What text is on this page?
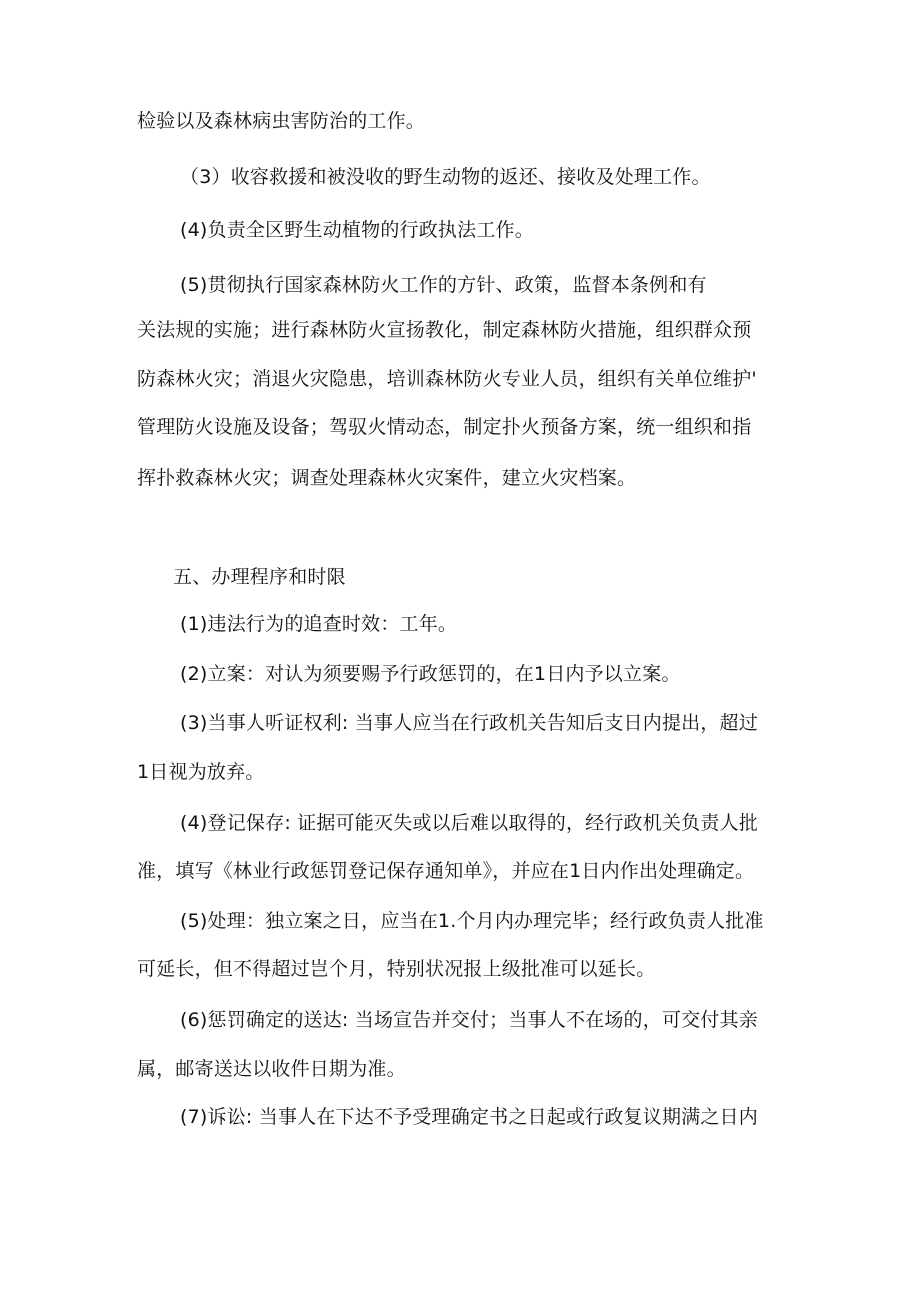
检验以及森林病虫害防治的工作。
（3）收容救援和被没收的野生动物的返还、接收及处理工作。
(4)负责全区野生动植物的行政执法工作。
(5)贯彻执行国家森林防火工作的方针、政策，监督本条例和有
关法规的实施；进行森林防火宣扬教化，制定森林防火措施，组织群众预
防森林火灾；消退火灾隐患，培训森林防火专业人员，组织有关单位维护'
管理防火设施及设备；驾驭火情动态，制定扑火预备方案，统一组织和指
挥扑救森林火灾；调查处理森林火灾案件，建立火灾档案。
五、办理程序和时限
(1)违法行为的追查时效：工年。
(2)立案：对认为须要赐予行政惩罚的，在1日内予以立案。
(3)当事人听证权利: 当事人应当在行政机关告知后支日内提出，超过
1日视为放弃。
(4)登记保存: 证据可能灭失或以后难以取得的，经行政机关负责人批
准，填写《林业行政惩罚登记保存通知单》，并应在1日内作出处理确定。
(5)处理：独立案之日，应当在1.个月内办理完毕；经行政负责人批准
可延长，但不得超过岂个月，特别状况报上级批准可以延长。
(6)惩罚确定的送达: 当场宣告并交付；当事人不在场的，可交付其亲
属，邮寄送达以收件日期为准。
(7)诉讼: 当事人在下达不予受理确定书之日起或行政复议期满之日内
